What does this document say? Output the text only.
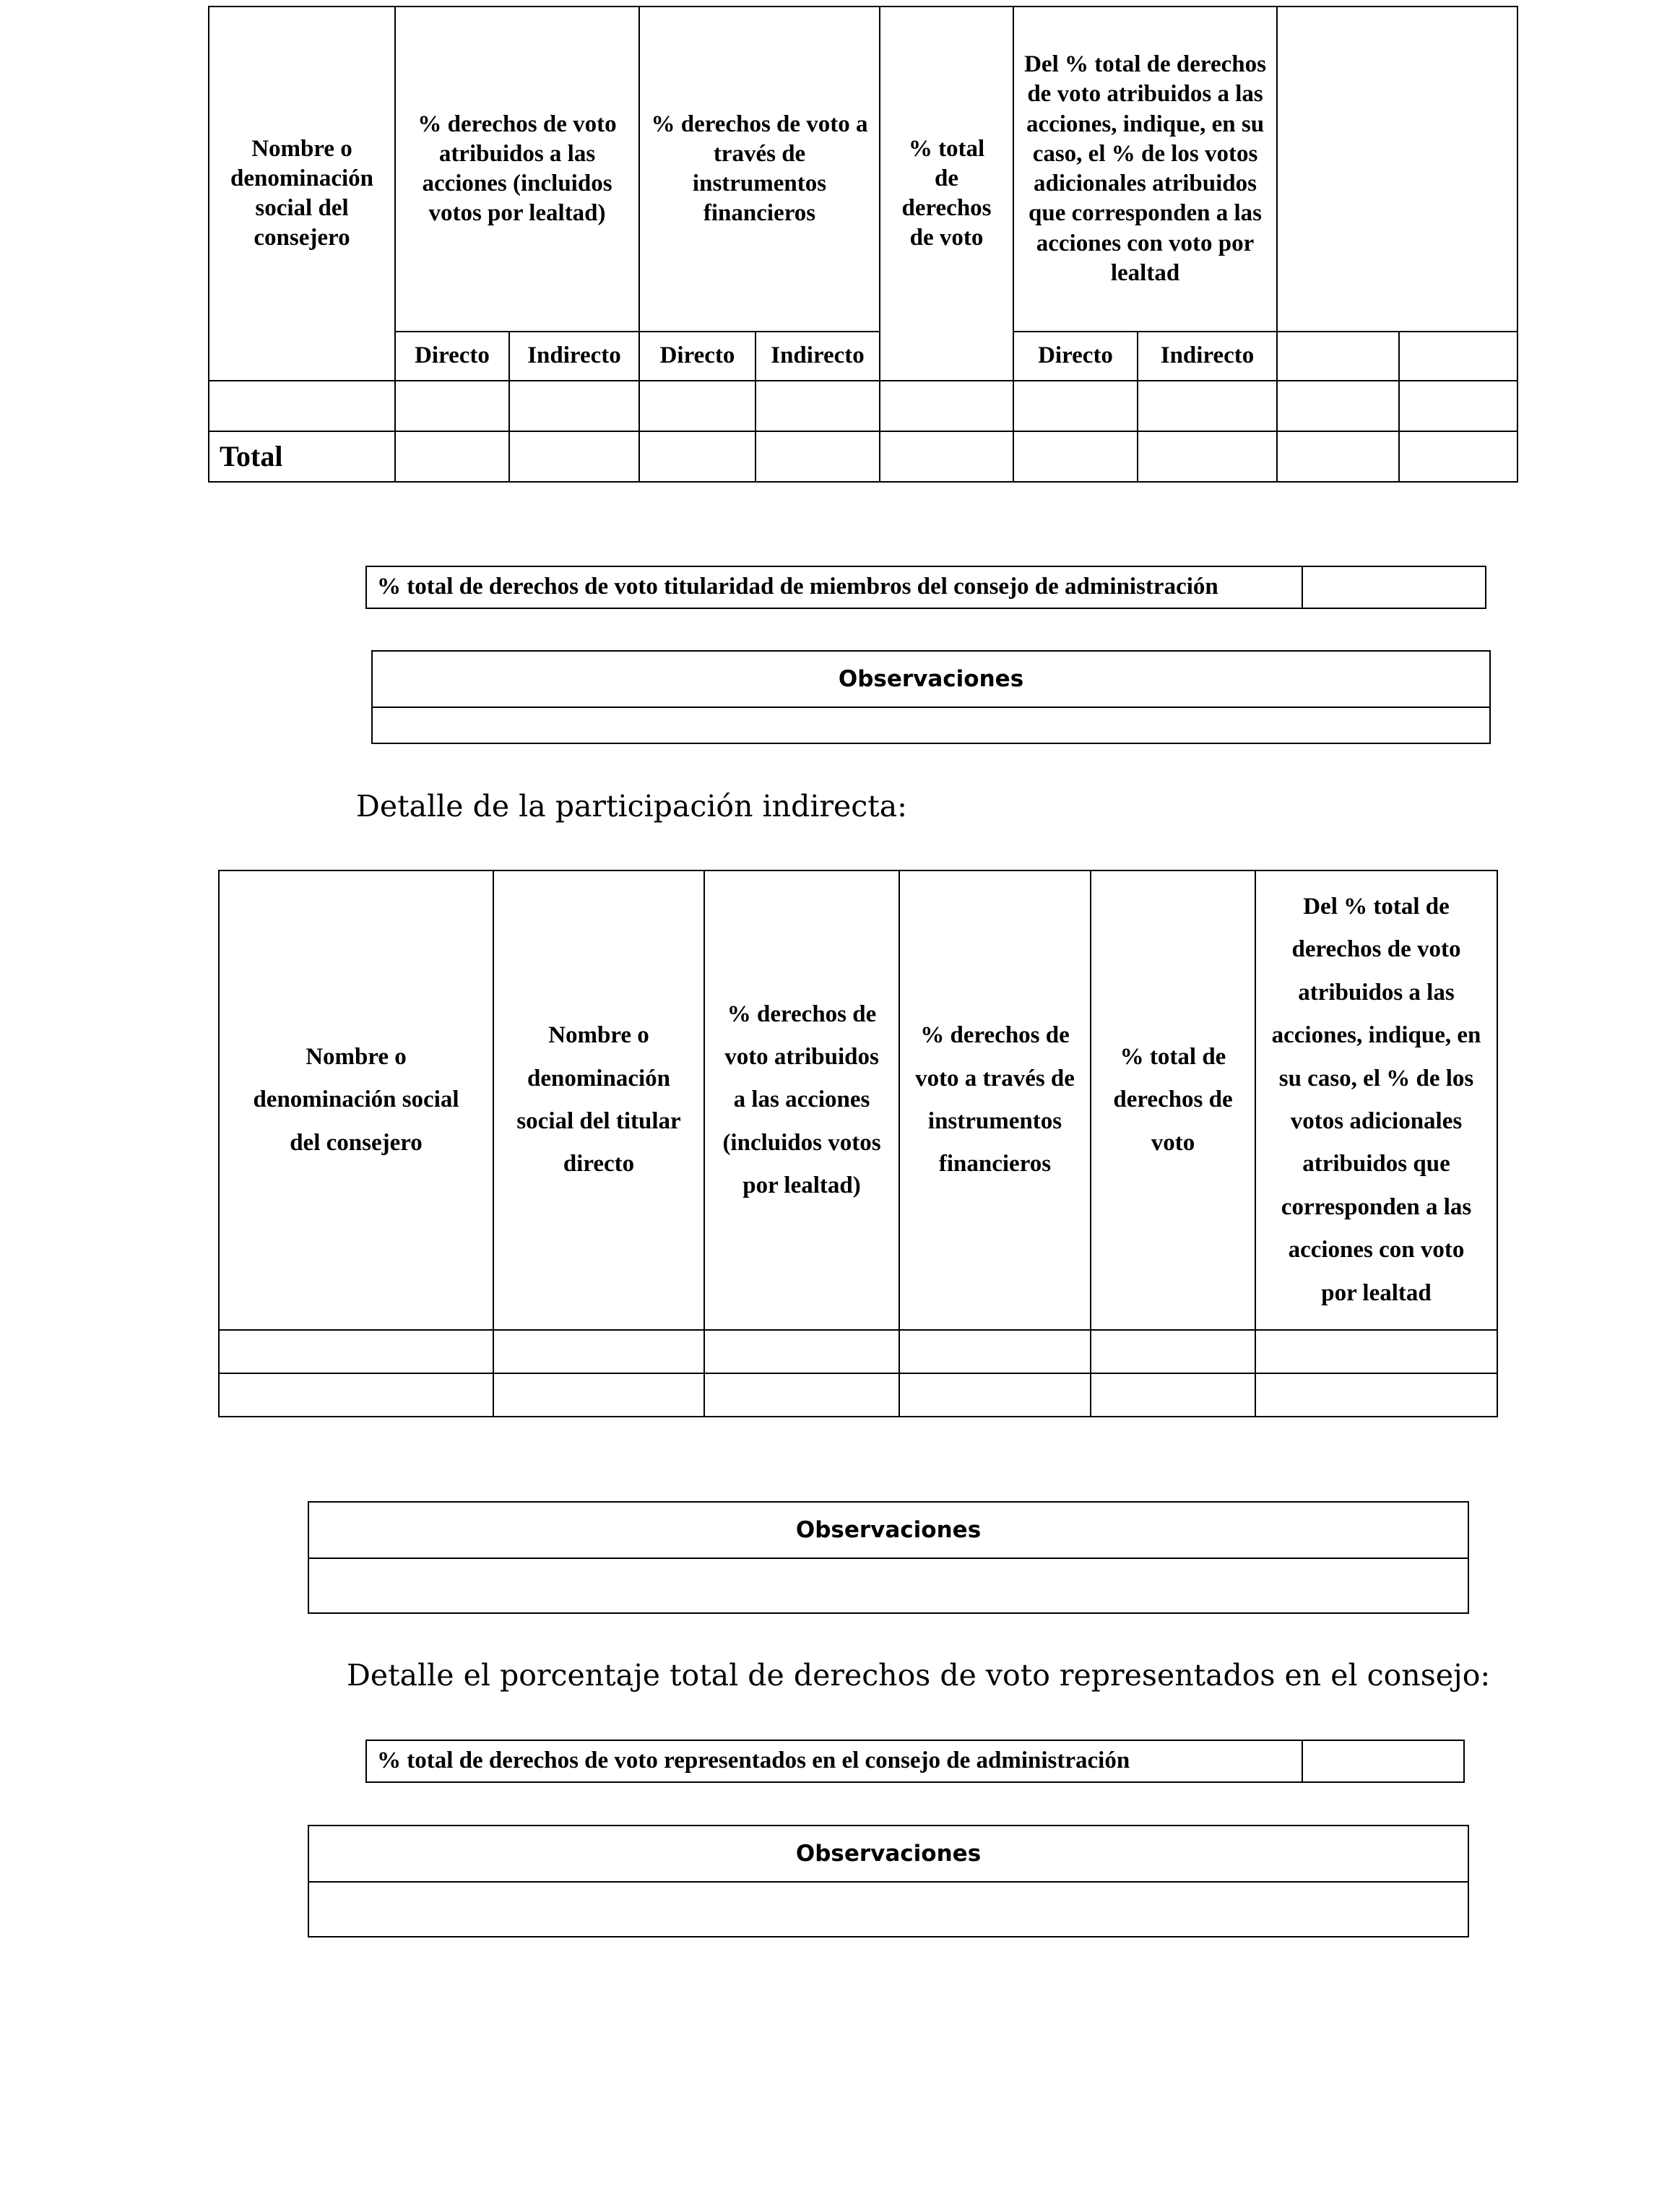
Nombre o denominación social del consejero	% derechos de voto atribuidos a las acciones (incluidos votos por lealtad)		% derechos de voto a través de instrumentos financieros		% total de derechos de voto	Del % total de derechos de voto atribuidos a las acciones, indique, en su caso, el % de los votos adicionales atribuidos que corresponden a las acciones con voto por lealtad			
	Directo	Indirecto	Directo	Indirecto		Directo	Indirecto		

Total									
% total de derechos de voto titularidad de miembros del consejo de administración	
Observaciones

Detalle de la participación indirecta:
Nombre o denominación social del consejero	Nombre o denominación social del titular directo	% derechos de voto atribuidos a las acciones (incluidos votos por lealtad)	% derechos de voto a través de instrumentos financieros	% total de derechos de voto	Del % total de derechos de voto atribuidos a las acciones, indique, en su caso, el % de los votos adicionales atribuidos que corresponden a las acciones con voto por lealtad

Observaciones

Detalle el porcentaje total de derechos de voto representados en el consejo:
% total de derechos de voto representados en el consejo de administración	
Observaciones
